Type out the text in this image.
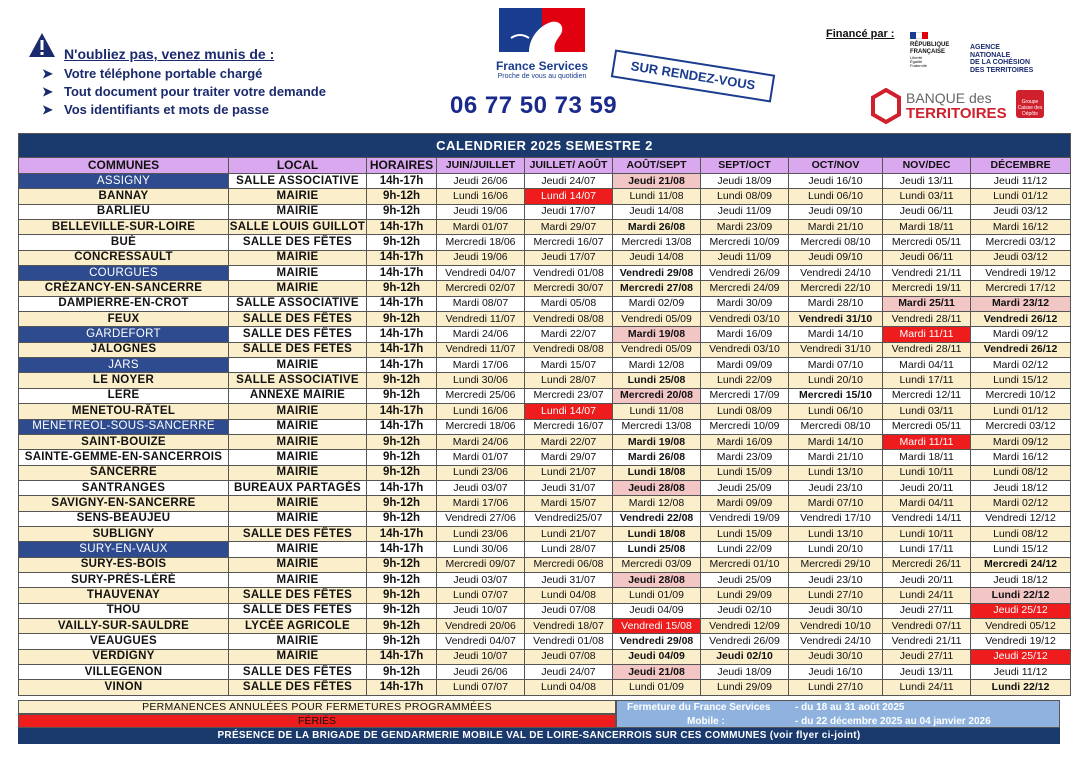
N'oubliez pas, venez munis de :
➤ Votre téléphone portable chargé
➤ Tout document pour traiter votre demande
➤ Vos identifiants et mots de passe
France Services
Proche de vous au quotidien
06 77 50 73 59
SUR RENDEZ-VOUS
Financé par :
RÉPUBLIQUE
FRANÇAISE
Liberté
Égalité
Fraternité
AGENCE
NATIONALE
DE LA COHÉSION
DES TERRITOIRES
BANQUE des
TERRITOIRES
Groupe Caisse des Dépôts
CALENDRIER 2025 SEMESTRE 2									
COMMUNES	LOCAL	HORAIRES	JUIN/JUILLET	JUILLET/ AOÛT	AOÛT/SEPT	SEPT/OCT	OCT/NOV	NOV/DEC	DÉCEMBRE
ASSIGNY	SALLE ASSOCIATIVE	14h-17h	Jeudi 26/06	Jeudi 24/07	Jeudi 21/08	Jeudi 18/09	Jeudi 16/10	Jeudi 13/11	Jeudi 11/12
BANNAY	MAIRIE	9h-12h	Lundi 16/06	Lundi 14/07	Lundi 11/08	Lundi 08/09	Lundi 06/10	Lundi 03/11	Lundi 01/12
BARLIEU	MAIRIE	9h-12h	Jeudi 19/06	Jeudi 17/07	Jeudi 14/08	Jeudi 11/09	Jeudi 09/10	Jeudi 06/11	Jeudi 03/12
BELLEVILLE-SUR-LOIRE	SALLE LOUIS GUILLOT	14h-17h	Mardi 01/07	Mardi 29/07	Mardi 26/08	Mardi 23/09	Mardi 21/10	Mardi 18/11	Mardi 16/12
BUÉ	SALLE DES FÊTES	9h-12h	Mercredi 18/06	Mercredi 16/07	Mercredi 13/08	Mercredi 10/09	Mercredi 08/10	Mercredi 05/11	Mercredi 03/12
CONCRESSAULT	MAIRIE	14h-17h	Jeudi 19/06	Jeudi 17/07	Jeudi 14/08	Jeudi 11/09	Jeudi 09/10	Jeudi 06/11	Jeudi 03/12
COURGUES	MAIRIE	14h-17h	Vendredi 04/07	Vendredi 01/08	Vendredi 29/08	Vendredi 26/09	Vendredi 24/10	Vendredi 21/11	Vendredi 19/12
CRÉZANCY-EN-SANCERRE	MAIRIE	9h-12h	Mercredi 02/07	Mercredi 30/07	Mercredi 27/08	Mercredi 24/09	Mercredi 22/10	Mercredi 19/11	Mercredi 17/12
DAMPIERRE-EN-CROT	SALLE ASSOCIATIVE	14h-17h	Mardi 08/07	Mardi 05/08	Mardi 02/09	Mardi 30/09	Mardi 28/10	Mardi 25/11	Mardi 23/12
FEUX	SALLE DES FÊTES	9h-12h	Vendredi 11/07	Vendredi 08/08	Vendredi 05/09	Vendredi 03/10	Vendredi 31/10	Vendredi 28/11	Vendredi 26/12
GARDEFORT	SALLE DES FÊTES	14h-17h	Mardi 24/06	Mardi 22/07	Mardi 19/08	Mardi 16/09	Mardi 14/10	Mardi 11/11	Mardi 09/12
JALOGNES	SALLE DES FÊTES	14h-17h	Vendredi 11/07	Vendredi 08/08	Vendredi 05/09	Vendredi 03/10	Vendredi 31/10	Vendredi 28/11	Vendredi 26/12
JARS	MAIRIE	14h-17h	Mardi 17/06	Mardi 15/07	Mardi 12/08	Mardi 09/09	Mardi 07/10	Mardi 04/11	Mardi 02/12
LE NOYER	SALLE ASSOCIATIVE	9h-12h	Lundi 30/06	Lundi 28/07	Lundi 25/08	Lundi 22/09	Lundi 20/10	Lundi 17/11	Lundi 15/12
LÉRÉ	ANNEXE MAIRIE	9h-12h	Mercredi 25/06	Mercredi 23/07	Mercredi 20/08	Mercredi 17/09	Mercredi 15/10	Mercredi 12/11	Mercredi 10/12
MENETOU-RÂTEL	MAIRIE	14h-17h	Lundi 16/06	Lundi 14/07	Lundi 11/08	Lundi 08/09	Lundi 06/10	Lundi 03/11	Lundi 01/12
MÉNÉTRÉOL-SOUS-SANCERRE	MAIRIE	14h-17h	Mercredi 18/06	Mercredi 16/07	Mercredi 13/08	Mercredi 10/09	Mercredi 08/10	Mercredi 05/11	Mercredi 03/12
SAINT-BOUIZE	MAIRIE	9h-12h	Mardi 24/06	Mardi 22/07	Mardi 19/08	Mardi 16/09	Mardi 14/10	Mardi 11/11	Mardi 09/12
SAINTE-GEMME-EN-SANCERROIS	MAIRIE	9h-12h	Mardi 01/07	Mardi 29/07	Mardi 26/08	Mardi 23/09	Mardi 21/10	Mardi 18/11	Mardi 16/12
SANCERRE	MAIRIE	9h-12h	Lundi 23/06	Lundi 21/07	Lundi 18/08	Lundi 15/09	Lundi 13/10	Lundi 10/11	Lundi 08/12
SANTRANGES	BUREAUX PARTAGÉS	14h-17h	Jeudi 03/07	Jeudi 31/07	Jeudi 28/08	Jeudi 25/09	Jeudi 23/10	Jeudi 20/11	Jeudi 18/12
SAVIGNY-EN-SANCERRE	MAIRIE	9h-12h	Mardi 17/06	Mardi 15/07	Mardi 12/08	Mardi 09/09	Mardi 07/10	Mardi 04/11	Mardi 02/12
SENS-BEAUJEU	MAIRIE	9h-12h	Vendredi 27/06	Vendredi25/07	Vendredi 22/08	Vendredi 19/09	Vendredi 17/10	Vendredi 14/11	Vendredi 12/12
SUBLIGNY	SALLE DES FÊTES	14h-17h	Lundi 23/06	Lundi 21/07	Lundi 18/08	Lundi 15/09	Lundi 13/10	Lundi 10/11	Lundi 08/12
SURY-EN-VAUX	MAIRIE	14h-17h	Lundi 30/06	Lundi 28/07	Lundi 25/08	Lundi 22/09	Lundi 20/10	Lundi 17/11	Lundi 15/12
SURY-ÈS-BOIS	MAIRIE	9h-12h	Mercredi 09/07	Mercredi 06/08	Mercredi 03/09	Mercredi 01/10	Mercredi 29/10	Mercredi 26/11	Mercredi 24/12
SURY-PRÈS-LÉRÉ	MAIRIE	9h-12h	Jeudi 03/07	Jeudi 31/07	Jeudi 28/08	Jeudi 25/09	Jeudi 23/10	Jeudi 20/11	Jeudi 18/12
THAUVENAY	SALLE DES FÊTES	9h-12h	Lundi 07/07	Lundi 04/08	Lundi 01/09	Lundi 29/09	Lundi 27/10	Lundi 24/11	Lundi 22/12
THOU	SALLE DES FÊTES	9h-12h	Jeudi 10/07	Jeudi 07/08	Jeudi 04/09	Jeudi 02/10	Jeudi 30/10	Jeudi 27/11	Jeudi 25/12
VAILLY-SUR-SAULDRE	LYCÉE AGRICOLE	9h-12h	Vendredi 20/06	Vendredi 18/07	Vendredi 15/08	Vendredi 12/09	Vendredi 10/10	Vendredi 07/11	Vendredi 05/12
VEAUGUES	MAIRIE	9h-12h	Vendredi 04/07	Vendredi 01/08	Vendredi 29/08	Vendredi 26/09	Vendredi 24/10	Vendredi 21/11	Vendredi 19/12
VERDIGNY	MAIRIE	14h-17h	Jeudi 10/07	Jeudi 07/08	Jeudi 04/09	Jeudi 02/10	Jeudi 30/10	Jeudi 27/11	Jeudi 25/12
VILLEGENON	SALLE DES FÊTES	9h-12h	Jeudi 26/06	Jeudi 24/07	Jeudi 21/08	Jeudi 18/09	Jeudi 16/10	Jeudi 13/11	Jeudi 11/12
VINON	SALLE DES FÊTES	14h-17h	Lundi 07/07	Lundi 04/08	Lundi 01/09	Lundi 29/09	Lundi 27/10	Lundi 24/11	Lundi 22/12
PERMANENCES ANNULÉES POUR FERMETURES PROGRAMMÉES
FÉRIÉS
Fermeture du France Services
Mobile :
- du 18 au 31 août 2025
- du 22 décembre 2025 au 04 janvier 2026
PRÉSENCE DE LA BRIGADE DE GENDARMERIE MOBILE VAL DE LOIRE-SANCERROIS SUR CES COMMUNES (voir flyer ci-joint)
